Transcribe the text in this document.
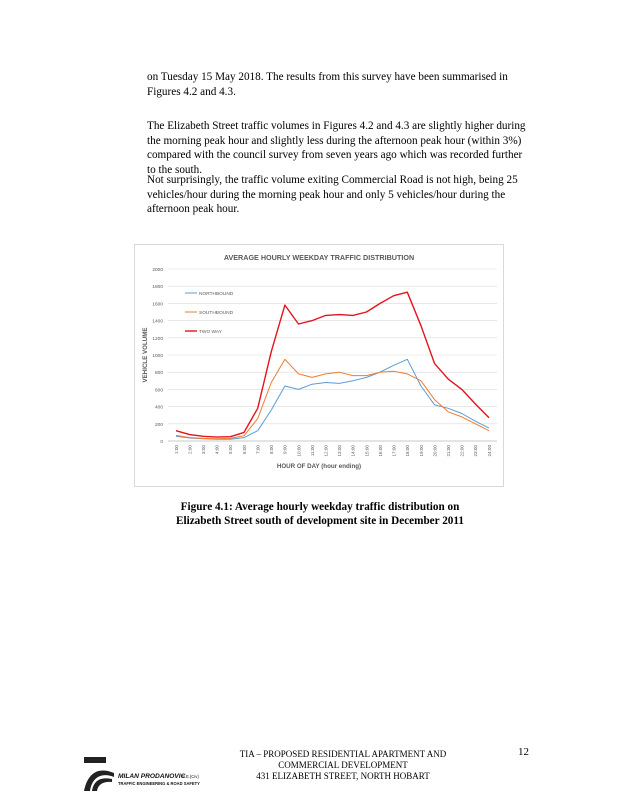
on Tuesday 15 May 2018. The results from this survey have been summarised in Figures 4.2 and 4.3.

The Elizabeth Street traffic volumes in Figures 4.2 and 4.3 are slightly higher during the morning peak hour and slightly less during the afternoon peak hour (within 3%) compared with the council survey from seven years ago which was recorded further to the south.

Not surprisingly, the traffic volume exiting Commercial Road is not high, being 25 vehicles/hour during the morning peak hour and only 5 vehicles/hour during the afternoon peak hour.

0
200
400
600
800
1000
1200
1400
1600
1800
2000
1:00 2:00 3:00 4:00 5:00 6:00 7:00 8:00 9:00 10:00 11:00 12:00 13:00 14:00 15:00 16:00 17:00 18:00 19:00 20:00 21:00 22:00 23:00 24:00
NORTHBOUND
SOUTHBOUND
TWO WAY
AVERAGE HOURLY WEEKDAY TRAFFIC DISTRIBUTION
VEHICLE VOLUME
HOUR OF DAY (hour ending)
Figure 4.1: Average hourly weekday traffic distribution on
Elizabeth Street south of development site in December 2011
MILAN PRODANOVIC
B.E.(Civ)
TRAFFIC ENGINEERING & ROAD SAFETY
TIA – PROPOSED RESIDENTIAL APARTMENT AND
COMMERCIAL DEVELOPMENT
431 ELIZABETH STREET, NORTH HOBART
12
